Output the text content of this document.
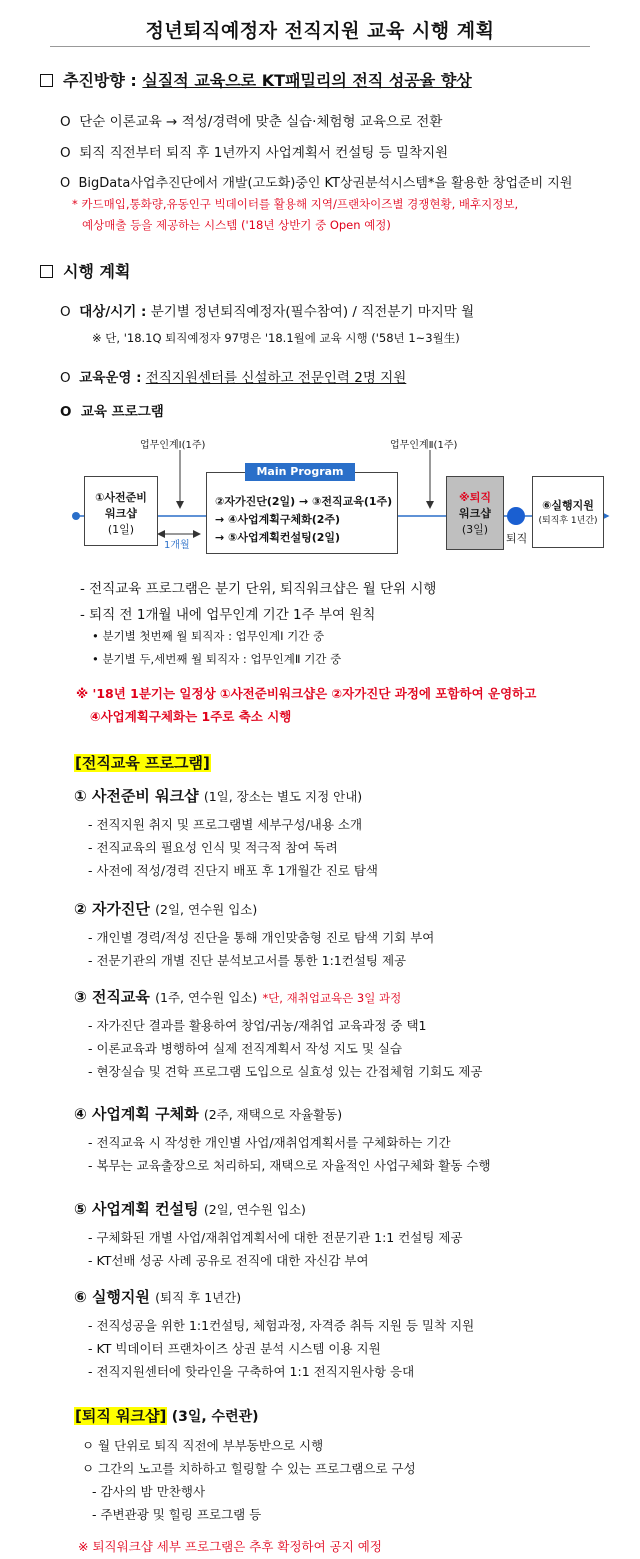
정년퇴직예정자 전직지원 교육 시행 계획
추진방향 : 실질적 교육으로 KT패밀리의 전직 성공율 향상
O  단순 이론교육 → 적성/경력에 맞춘 실습·체험형 교육으로 전환
O  퇴직 직전부터 퇴직 후 1년까지 사업계획서 컨설팅 등 밀착지원
O  BigData사업추진단에서 개발(고도화)중인 KT상권분석시스템*을 활용한 창업준비 지원
* 카드매입,통화량,유동인구 빅데이터를 활용해 지역/프랜차이즈별 경쟁현황, 배후지정보,
예상매출 등을 제공하는 시스템 ('18년 상반기 중 Open 예정)
시행 계획
O  대상/시기 : 분기별 정년퇴직예정자(필수참여) / 직전분기 마지막 월
※ 단, '18.1Q 퇴직예정자 97명은 '18.1월에 교육 시행 ('58년 1~3월生)
O  교육운영 : 전직지원센터를 신설하고 전문인력 2명 지원
O  교육 프로그램
업무인계Ⅰ(1주)	업무인계Ⅱ(1주)
①사전준비
워크샵
(1일)
1개월
Main Program
②자가진단(2일) → ③전직교육(1주)
→ ④사업계획구체화(2주)
→ ⑤사업계획컨설팅(2일)
※퇴직
워크샵
(3일)
퇴직
⑥실행지원
(퇴직후 1년간)
- 전직교육 프로그램은 분기 단위, 퇴직워크샵은 월 단위 시행
- 퇴직 전 1개월 내에 업무인계 기간 1주 부여 원칙
• 분기별 첫번째 월 퇴직자 : 업무인계Ⅰ 기간 중
• 분기별 두,세번째 월 퇴직자 : 업무인계Ⅱ 기간 중
※ '18년 1분기는 일정상 ①사전준비워크샵은 ②자가진단 과정에 포함하여 운영하고
④사업계획구체화는 1주로 축소 시행
[전직교육 프로그램]
① 사전준비 워크샵 (1일, 장소는 별도 지정 안내)
- 전직지원 취지 및 프로그램별 세부구성/내용 소개
- 전직교육의 필요성 인식 및 적극적 참여 독려
- 사전에 적성/경력 진단지 배포 후 1개월간 진로 탐색
② 자가진단 (2일, 연수원 입소)
- 개인별 경력/적성 진단을 통해 개인맞춤형 진로 탐색 기회 부여
- 전문기관의 개별 진단 분석보고서를 통한 1:1컨설팅 제공
③ 전직교육 (1주, 연수원 입소) *단, 재취업교육은 3일 과정
- 자가진단 결과를 활용하여 창업/귀농/재취업 교육과정 중 택1
- 이론교육과 병행하여 실제 전직계획서 작성 지도 및 실습
- 현장실습 및 견학 프로그램 도입으로 실효성 있는 간접체험 기회도 제공
④ 사업계획 구체화 (2주, 재택으로 자율활동)
- 전직교육 시 작성한 개인별 사업/재취업계획서를 구체화하는 기간
- 복무는 교육출장으로 처리하되, 재택으로 자율적인 사업구체화 활동 수행
⑤ 사업계획 컨설팅 (2일, 연수원 입소)
- 구체화된 개별 사업/재취업계획서에 대한 전문기관 1:1 컨설팅 제공
- KT선배 성공 사례 공유로 전직에 대한 자신감 부여
⑥ 실행지원 (퇴직 후 1년간)
- 전직성공을 위한 1:1컨설팅, 체험과정, 자격증 취득 지원 등 밀착 지원
- KT 빅데이터 프랜차이즈 상권 분석 시스템 이용 지원
- 전직지원센터에 핫라인을 구축하여 1:1 전직지원사항 응대
[퇴직 워크샵] (3일, 수련관)
ㅇ 월 단위로 퇴직 직전에 부부동반으로 시행
ㅇ 그간의 노고를 치하하고 힐링할 수 있는 프로그램으로 구성
- 감사의 밤 만찬행사
- 주변관광 및 힐링 프로그램 등
※ 퇴직워크샵 세부 프로그램은 추후 확정하여 공지 예정
